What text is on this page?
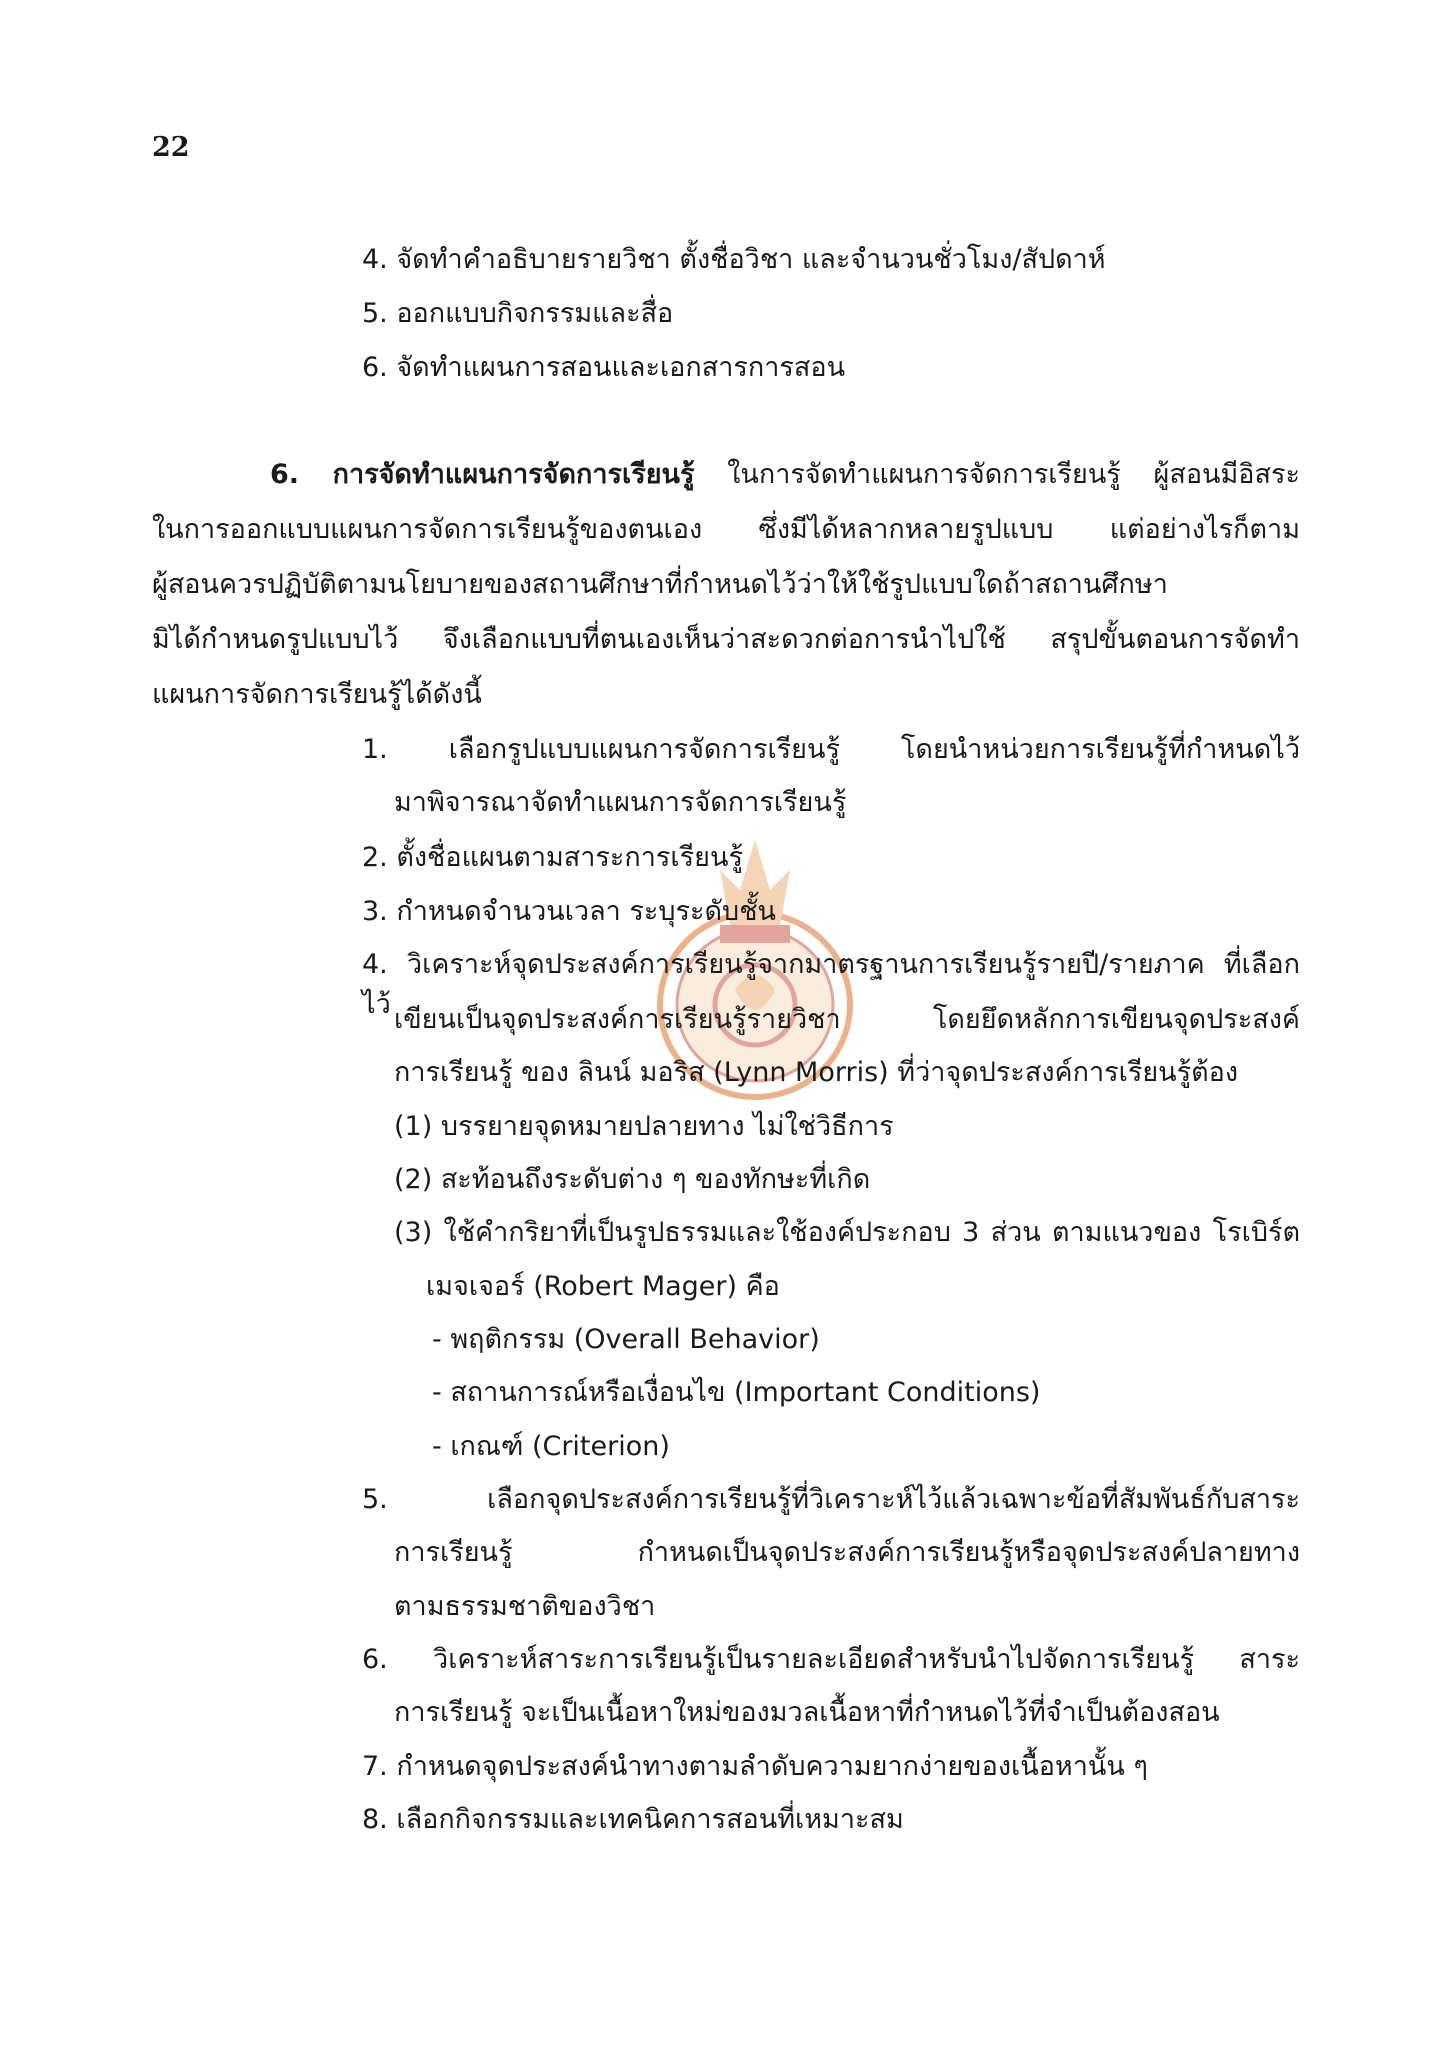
22
4. จัดทำคำอธิบายรายวิชา ตั้งชื่อวิชา และจำนวนชั่วโมง/สัปดาห์
5. ออกแบบกิจกรรมและสื่อ
6. จัดทำแผนการสอนและเอกสารการสอน
6. การจัดทำแผนการจัดการเรียนรู้ ในการจัดทำแผนการจัดการเรียนรู้ ผู้สอนมีอิสระ
ในการออกแบบแผนการจัดการเรียนรู้ของตนเอง ซึ่งมีได้หลากหลายรูปแบบ แต่อย่างไรก็ตาม
ผู้สอนควรปฏิบัติตามนโยบายของสถานศึกษาที่กำหนดไว้ว่าให้ใช้รูปแบบใดถ้าสถานศึกษา
มิได้กำหนดรูปแบบไว้ จึงเลือกแบบที่ตนเองเห็นว่าสะดวกต่อการนำไปใช้ สรุปขั้นตอนการจัดทำ
แผนการจัดการเรียนรู้ได้ดังนี้
1. เลือกรูปแบบแผนการจัดการเรียนรู้ โดยนำหน่วยการเรียนรู้ที่กำหนดไว้
มาพิจารณาจัดทำแผนการจัดการเรียนรู้
2. ตั้งชื่อแผนตามสาระการเรียนรู้
3. กำหนดจำนวนเวลา ระบุระดับชั้น
4. วิเคราะห์จุดประสงค์การเรียนรู้จากมาตรฐานการเรียนรู้รายปี/รายภาค ที่เลือกไว้ เขียนเป็นจุดประสงค์การเรียนรู้รายวิชา โดยยึดหลักการเขียนจุดประสงค์
การเรียนรู้ ของ ลินน์ มอริส (Lynn Morris) ที่ว่าจุดประสงค์การเรียนรู้ต้อง
(1) บรรยายจุดหมายปลายทาง ไม่ใช่วิธีการ
(2) สะท้อนถึงระดับต่าง ๆ ของทักษะที่เกิด
(3) ใช้คำกริยาที่เป็นรูปธรรมและใช้องค์ประกอบ 3 ส่วน ตามแนวของ โรเบิร์ต
เมจเจอร์ (Robert Mager) คือ
- พฤติกรรม (Overall Behavior)
- สถานการณ์หรือเงื่อนไข (Important Conditions)
- เกณฑ์ (Criterion)
5. เลือกจุดประสงค์การเรียนรู้ที่วิเคราะห์ไว้แล้วเฉพาะข้อที่สัมพันธ์กับสาระ
การเรียนรู้ กำหนดเป็นจุดประสงค์การเรียนรู้หรือจุดประสงค์ปลายทาง
ตามธรรมชาติของวิชา
6. วิเคราะห์สาระการเรียนรู้เป็นรายละเอียดสำหรับนำไปจัดการเรียนรู้ สาระ
การเรียนรู้ จะเป็นเนื้อหาใหม่ของมวลเนื้อหาที่กำหนดไว้ที่จำเป็นต้องสอน
7. กำหนดจุดประสงค์นำทางตามลำดับความยากง่ายของเนื้อหานั้น ๆ
8. เลือกกิจกรรมและเทคนิคการสอนที่เหมาะสม
